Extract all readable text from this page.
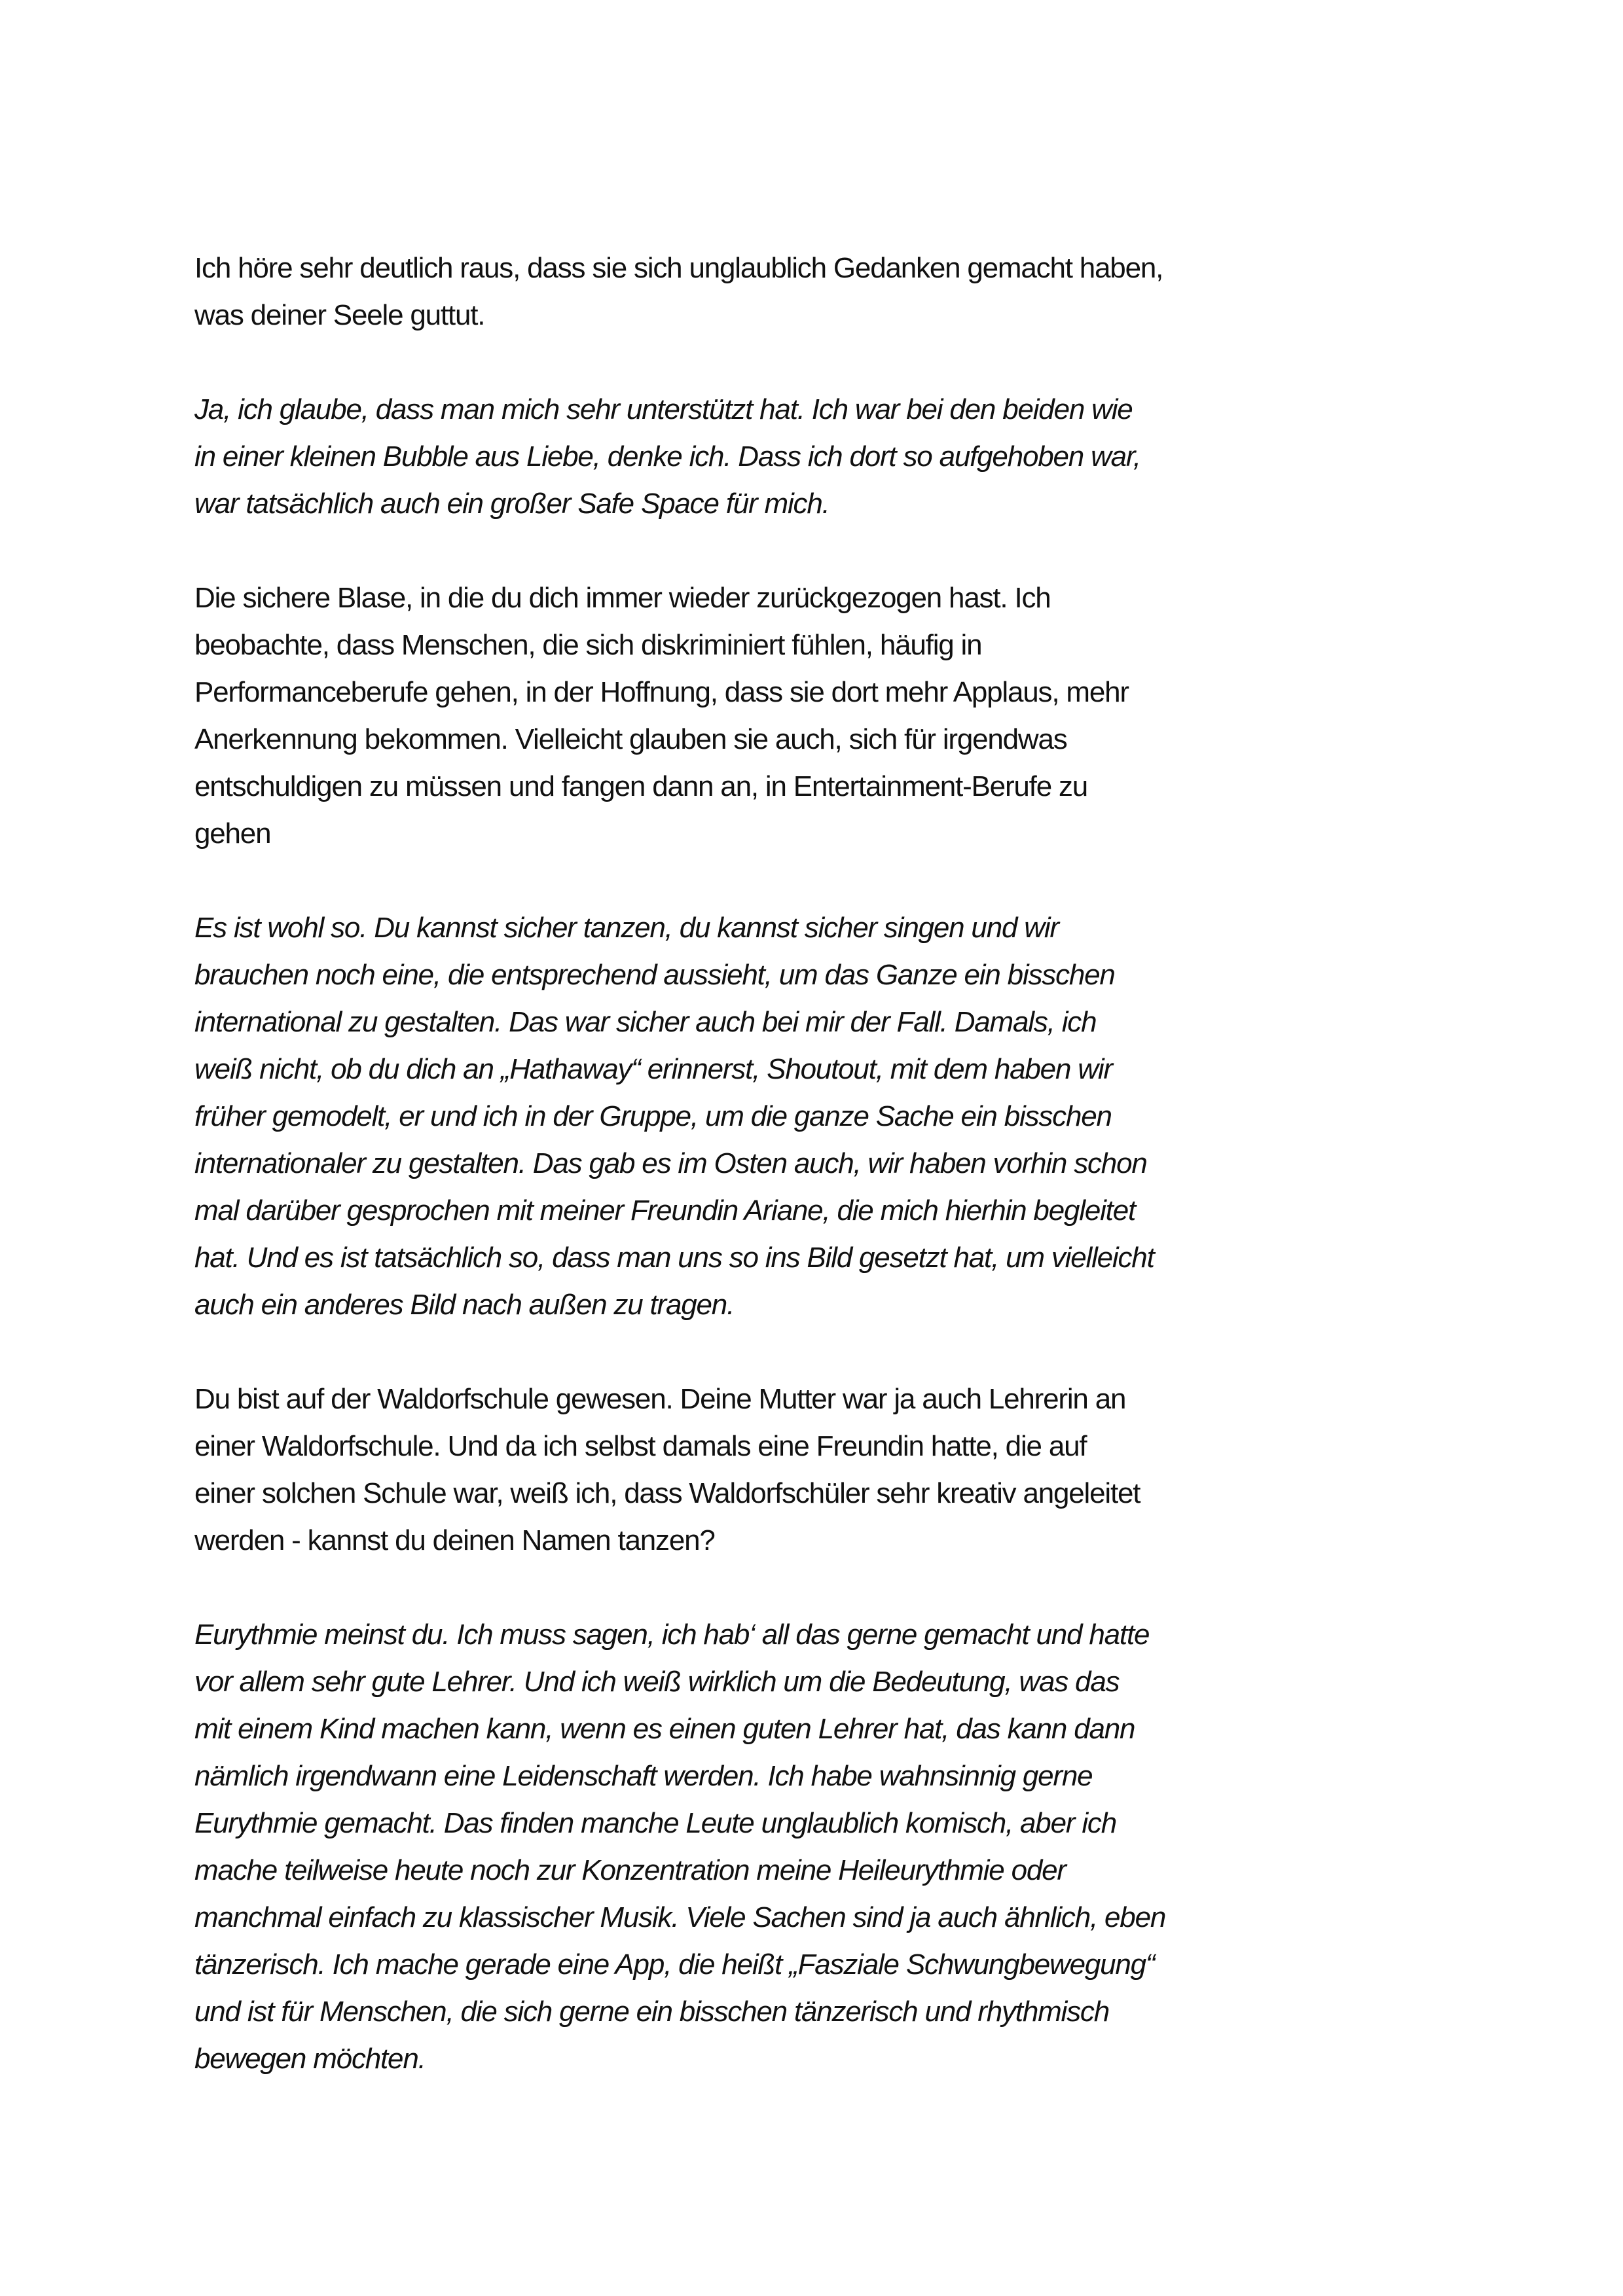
Ich höre sehr deutlich raus, dass sie sich unglaublich Gedanken gemacht haben,
was deiner Seele guttut.

Ja, ich glaube, dass man mich sehr unterstützt hat. Ich war bei den beiden wie
in einer kleinen Bubble aus Liebe, denke ich. Dass ich dort so aufgehoben war,
war tatsächlich auch ein großer Safe Space für mich.

Die sichere Blase, in die du dich immer wieder zurückgezogen hast. Ich
beobachte, dass Menschen, die sich diskriminiert fühlen, häufig in
Performanceberufe gehen, in der Hoffnung, dass sie dort mehr Applaus, mehr
Anerkennung bekommen. Vielleicht glauben sie auch, sich für irgendwas
entschuldigen zu müssen und fangen dann an, in Entertainment-Berufe zu
gehen

Es ist wohl so. Du kannst sicher tanzen, du kannst sicher singen und wir
brauchen noch eine, die entsprechend aussieht, um das Ganze ein bisschen
international zu gestalten. Das war sicher auch bei mir der Fall. Damals, ich
weiß nicht, ob du dich an „Hathaway“ erinnerst, Shoutout, mit dem haben wir
früher gemodelt, er und ich in der Gruppe, um die ganze Sache ein bisschen
internationaler zu gestalten. Das gab es im Osten auch, wir haben vorhin schon
mal darüber gesprochen mit meiner Freundin Ariane, die mich hierhin begleitet
hat. Und es ist tatsächlich so, dass man uns so ins Bild gesetzt hat, um vielleicht
auch ein anderes Bild nach außen zu tragen.

Du bist auf der Waldorfschule gewesen. Deine Mutter war ja auch Lehrerin an
einer Waldorfschule. Und da ich selbst damals eine Freundin hatte, die auf
einer solchen Schule war, weiß ich, dass Waldorfschüler sehr kreativ angeleitet
werden - kannst du deinen Namen tanzen?

Eurythmie meinst du. Ich muss sagen, ich hab‘ all das gerne gemacht und hatte
vor allem sehr gute Lehrer. Und ich weiß wirklich um die Bedeutung, was das
mit einem Kind machen kann, wenn es einen guten Lehrer hat, das kann dann
nämlich irgendwann eine Leidenschaft werden. Ich habe wahnsinnig gerne
Eurythmie gemacht. Das finden manche Leute unglaublich komisch, aber ich
mache teilweise heute noch zur Konzentration meine Heileurythmie oder
manchmal einfach zu klassischer Musik. Viele Sachen sind ja auch ähnlich, eben
tänzerisch. Ich mache gerade eine App, die heißt „Fasziale Schwungbewegung“
und ist für Menschen, die sich gerne ein bisschen tänzerisch und rhythmisch
bewegen möchten.
